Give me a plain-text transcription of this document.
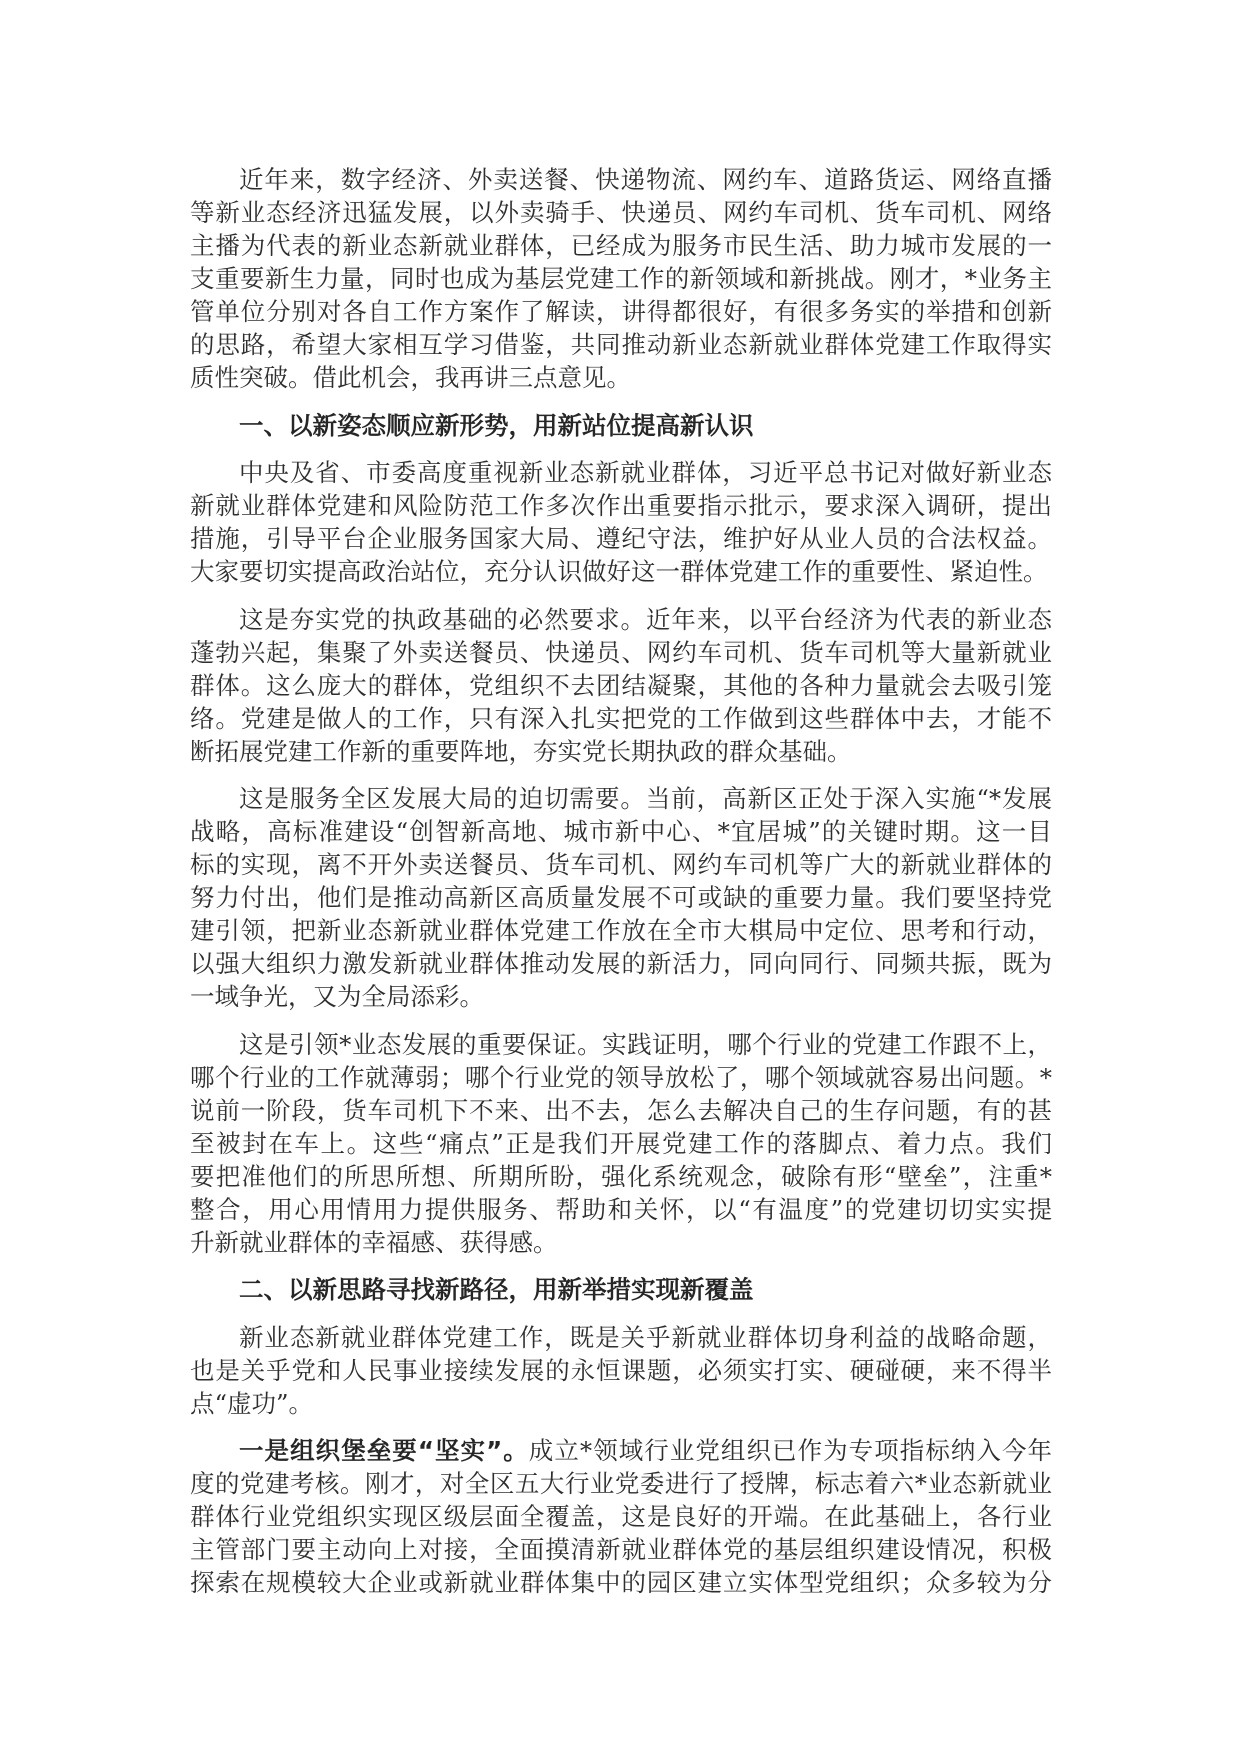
近年来，数字经济、外卖送餐、快递物流、网约车、道路货运、网络直播
等新业态经济迅猛发展，以外卖骑手、快递员、网约车司机、货车司机、网络
主播为代表的新业态新就业群体，已经成为服务市民生活、助力城市发展的一
支重要新生力量，同时也成为基层党建工作的新领域和新挑战。刚才，*业务主
管单位分别对各自工作方案作了解读，讲得都很好，有很多务实的举措和创新
的思路，希望大家相互学习借鉴，共同推动新业态新就业群体党建工作取得实
质性突破。借此机会，我再讲三点意见。
一、以新姿态顺应新形势，用新站位提高新认识
中央及省、市委高度重视新业态新就业群体，习近平总书记对做好新业态
新就业群体党建和风险防范工作多次作出重要指示批示，要求深入调研，提出
措施，引导平台企业服务国家大局、遵纪守法，维护好从业人员的合法权益。
大家要切实提高政治站位，充分认识做好这一群体党建工作的重要性、紧迫性。
这是夯实党的执政基础的必然要求。近年来，以平台经济为代表的新业态
蓬勃兴起，集聚了外卖送餐员、快递员、网约车司机、货车司机等大量新就业
群体。这么庞大的群体，党组织不去团结凝聚，其他的各种力量就会去吸引笼
络。党建是做人的工作，只有深入扎实把党的工作做到这些群体中去，才能不
断拓展党建工作新的重要阵地，夯实党长期执政的群众基础。
这是服务全区发展大局的迫切需要。当前，高新区正处于深入实施“*发展
战略，高标准建设“创智新高地、城市新中心、*宜居城”的关键时期。这一目
标的实现，离不开外卖送餐员、货车司机、网约车司机等广大的新就业群体的
努力付出，他们是推动高新区高质量发展不可或缺的重要力量。我们要坚持党
建引领，把新业态新就业群体党建工作放在全市大棋局中定位、思考和行动，
以强大组织力激发新就业群体推动发展的新活力，同向同行、同频共振，既为
一域争光，又为全局添彩。
这是引领*业态发展的重要保证。实践证明，哪个行业的党建工作跟不上，
哪个行业的工作就薄弱；哪个行业党的领导放松了，哪个领域就容易出问题。*
说前一阶段，货车司机下不来、出不去，怎么去解决自己的生存问题，有的甚
至被封在车上。这些“痛点”正是我们开展党建工作的落脚点、着力点。我们
要把准他们的所思所想、所期所盼，强化系统观念，破除有形“壁垒”，注重*
整合，用心用情用力提供服务、帮助和关怀，以“有温度”的党建切切实实提
升新就业群体的幸福感、获得感。
二、以新思路寻找新路径，用新举措实现新覆盖
新业态新就业群体党建工作，既是关乎新就业群体切身利益的战略命题，
也是关乎党和人民事业接续发展的永恒课题，必须实打实、硬碰硬，来不得半
点“虚功”。
一是组织堡垒要“坚实”。成立*领域行业党组织已作为专项指标纳入今年
度的党建考核。刚才，对全区五大行业党委进行了授牌，标志着六*业态新就业
群体行业党组织实现区级层面全覆盖，这是良好的开端。在此基础上，各行业
主管部门要主动向上对接，全面摸清新就业群体党的基层组织建设情况，积极
探索在规模较大企业或新就业群体集中的园区建立实体型党组织；众多较为分
